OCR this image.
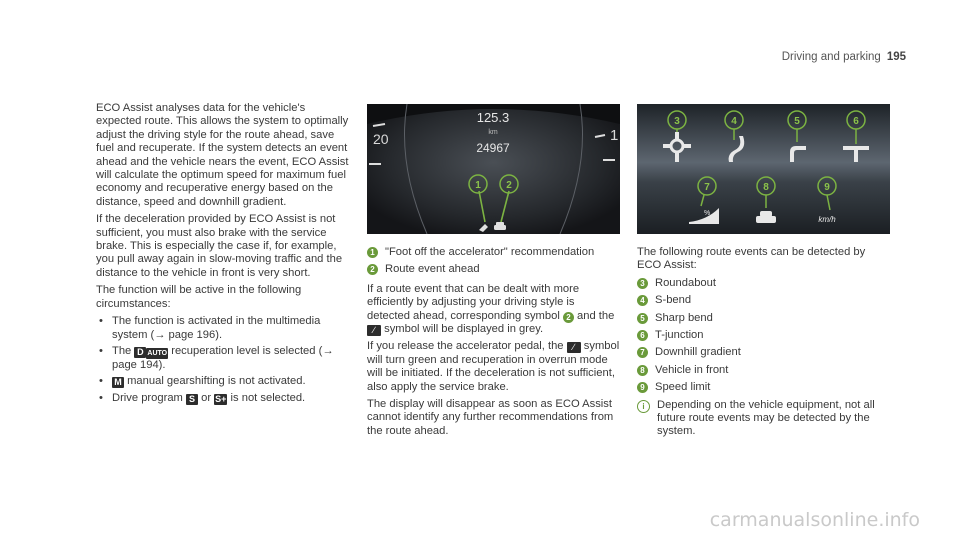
Driving and parking 195

ECO Assist analyses data for the vehicle's expected route. This allows the system to optimally adjust the driving style for the route ahead, save fuel and recuperate. If the system detects an event ahead and the vehicle nears the event, ECO Assist will calculate the optimum speed for maximum fuel economy and recuperative energy based on the distance, speed and downhill gradient.

If the deceleration provided by ECO Assist is not sufficient, you must also brake with the service brake. This is especially the case if, for example, you pull away again in slow-moving traffic and the distance to the vehicle in front is very short.

The function will be active in the following circumstances:

• The function is activated in the multimedia system (→ page 196).
• The D AUTO recuperation level is selected (→ page 194).
• M manual gearshifting is not activated.
• Drive program S or S+ is not selected.
20	1
125.3
km
24967
1	2
1 "Foot off the accelerator" recommendation
2 Route event ahead

If a route event that can be dealt with more efficiently by adjusting your driving style is detected ahead, corresponding symbol 2 and the ∕ symbol will be displayed in grey.

If you release the accelerator pedal, the ∕ symbol will turn green and recuperation in overrun mode will be initiated. If the deceleration is not sufficient, also apply the service brake.

The display will disappear as soon as ECO Assist cannot identify any further recommendations from the route ahead.

3	4	5	6
7	8	9
%
km/h

The following route events can be detected by ECO Assist:

3 Roundabout
4 S-bend
5 Sharp bend
6 T-junction
7 Downhill gradient
8 Vehicle in front
9 Speed limit
i	Depending on the vehicle equipment, not all future route events may be detected by the system.
carmanualsonline.info
